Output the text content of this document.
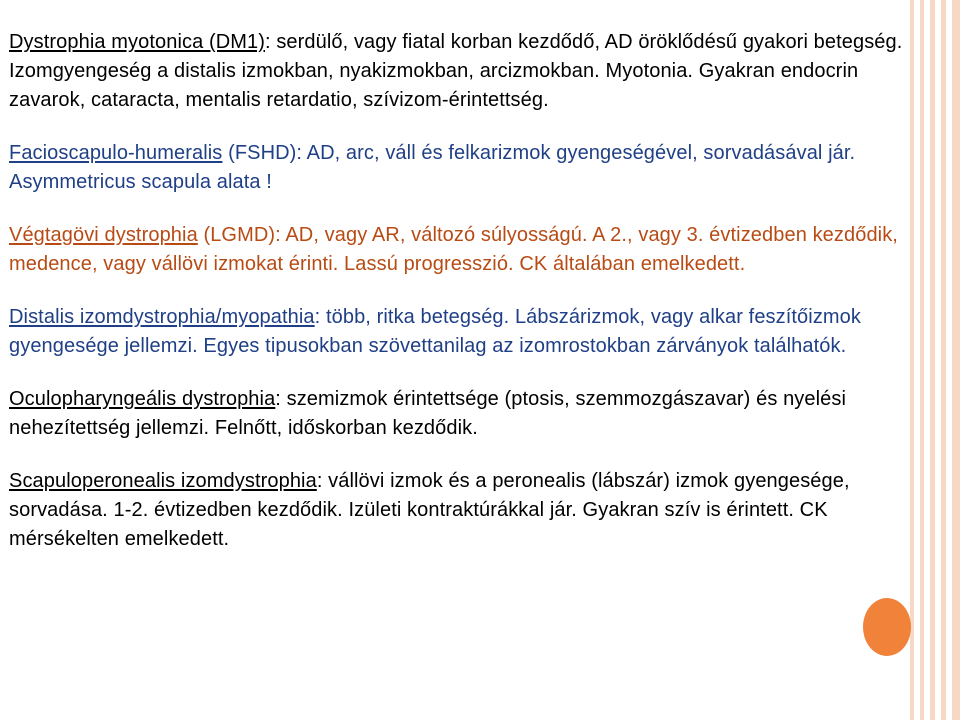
Dystrophia myotonica (DM1): serdülő, vagy fiatal korban kezdődő, AD öröklődésű gyakori betegség. Izomgyengeség a distalis izmokban, nyakizmokban, arcizmokban. Myotonia. Gyakran endocrin zavarok, cataracta, mentalis retardatio, szívizom-érintettség.

Facioscapulo-humeralis (FSHD): AD, arc, váll és felkarizmok gyengeségével, sorvadásával jár. Asymmetricus scapula alata !

Végtagövi dystrophia (LGMD): AD, vagy AR, változó súlyosságú. A 2., vagy 3. évtizedben kezdődik, medence, vagy vállövi izmokat érinti. Lassú progresszió. CK általában emelkedett.

Distalis izomdystrophia/myopathia: több, ritka betegség. Lábszárizmok, vagy alkar feszítőizmok gyengesége jellemzi. Egyes tipusokban szövettanilag az izomrostokban zárványok találhatók.

Oculopharyngeális dystrophia: szemizmok érintettsége (ptosis, szemmozgászavar) és nyelési nehezítettség jellemzi. Felnőtt, időskorban kezdődik.

Scapuloperonealis izomdystrophia: vállövi izmok és a peronealis (lábszár) izmok gyengesége, sorvadása. 1-2. évtizedben kezdődik. Izületi kontraktúrákkal jár. Gyakran szív is érintett. CK mérsékelten emelkedett.
